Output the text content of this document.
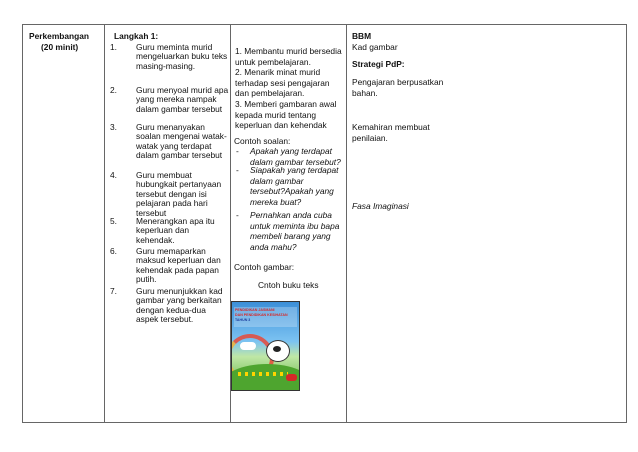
Perkembangan
(20 minit)
Langkah 1:
1. Guru meminta murid
mengeluarkan buku teks
masing-masing.
2. Guru menyoal murid apa
yang mereka nampak
dalam gambar tersebut
3. Guru menanyakan
soalan mengenai watak-
watak yang terdapat
dalam gambar tersebut
4. Guru membuat
hubungkait pertanyaan
tersebut dengan isi
pelajaran pada hari
tersebut
5. Menerangkan apa itu
keperluan dan
kehendak.
6. Guru memaparkan
maksud keperluan dan
kehendak pada papan
putih.
7. Guru menunjukkan kad
gambar yang berkaitan
dengan kedua-dua
aspek tersebut.
1. Membantu murid bersedia
untuk pembelajaran.
2. Menarik minat murid
terhadap sesi pengajaran
dan pembelajaran.
3. Memberi gambaran awal
kepada murid tentang
keperluan dan kehendak
Contoh soalan:
- Apakah yang terdapat
dalam gambar tersebut?
- Siapakah yang terdapat
dalam gambar
tersebut?Apakah yang
mereka buat?
- Pernahkan anda cuba
untuk meminta ibu bapa
membeli barang yang
anda mahu?
Contoh gambar:
Cntoh buku teks
PENDIDIKAN JASMANI
DAN PENDIDIKAN KESIHATAN
TAHUN 3
BBM
Kad gambar
Strategi PdP:
Pengajaran berpusatkan
bahan.
Kemahiran membuat
penilaian.
Fasa Imaginasi
